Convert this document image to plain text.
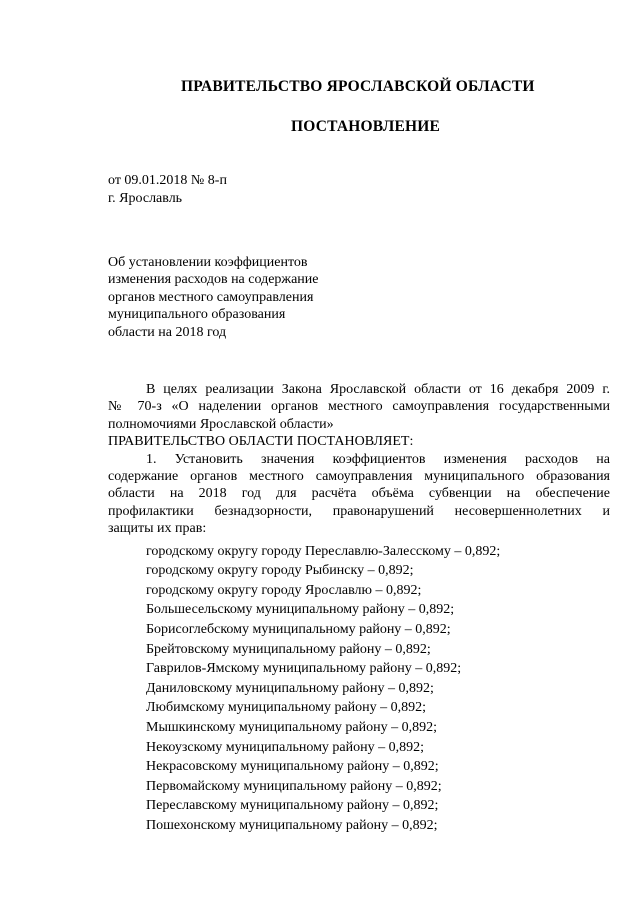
ПРАВИТЕЛЬСТВО ЯРОСЛАВСКОЙ ОБЛАСТИ
ПОСТАНОВЛЕНИЕ
от 09.01.2018 № 8-п
г. Ярославль
Об установлении коэффициентов
изменения расходов на содержание
органов местного самоуправления
муниципального образования
области на 2018 год
В целях реализации Закона Ярославской области от 16 декабря 2009 г.
№ 70-з «О наделении органов местного самоуправления государственными
полномочиями Ярославской области»
ПРАВИТЕЛЬСТВО ОБЛАСТИ ПОСТАНОВЛЯЕТ:
1. Установить значения коэффициентов изменения расходов на
содержание органов местного самоуправления муниципального образования
области на 2018 год для расчёта объёма субвенции на обеспечение
профилактики безнадзорности, правонарушений несовершеннолетних и
защиты их прав:
городскому округу городу Переславлю-Залесскому – 0,892;
городскому округу городу Рыбинску – 0,892;
городскому округу городу Ярославлю – 0,892;
Большесельскому муниципальному району – 0,892;
Борисоглебскому муниципальному району – 0,892;
Брейтовскому муниципальному району – 0,892;
Гаврилов-Ямскому муниципальному району – 0,892;
Даниловскому муниципальному району – 0,892;
Любимскому муниципальному району – 0,892;
Мышкинскому муниципальному району – 0,892;
Некоузскому муниципальному району – 0,892;
Некрасовскому муниципальному району – 0,892;
Первомайскому муниципальному району – 0,892;
Переславскому муниципальному району – 0,892;
Пошехонскому муниципальному району – 0,892;
